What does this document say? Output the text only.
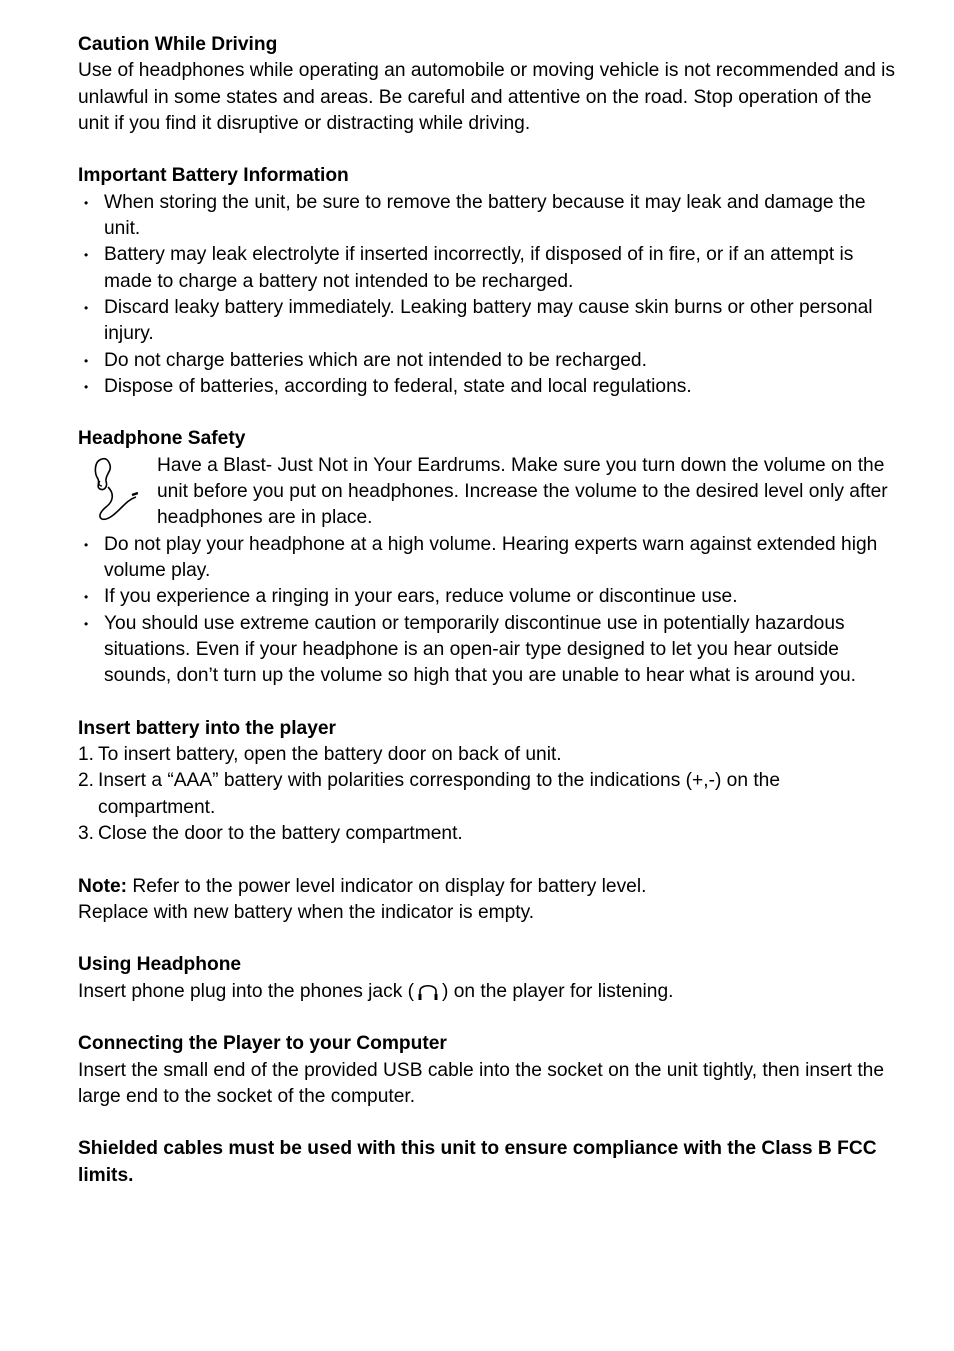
Caution While Driving

Use of headphones while operating an automobile or moving vehicle is not recommended and is unlawful in some states and areas. Be careful and attentive on the road. Stop operation of the unit if you find it disruptive or distracting while driving.

Important Battery Information
• When storing the unit, be sure to remove the battery because it may leak and damage the unit.
• Battery may leak electrolyte if inserted incorrectly, if disposed of in fire, or if an attempt is made to charge a battery not intended to be recharged.
• Discard leaky battery immediately. Leaking battery may cause skin burns or other personal injury.
• Do not charge batteries which are not intended to be recharged.
• Dispose of batteries, according to federal, state and local regulations.
Headphone Safety

Have a Blast- Just Not in Your Eardrums. Make sure you turn down the volume on the unit before you put on headphones. Increase the volume to the desired level only after headphones are in place.

• Do not play your headphone at a high volume. Hearing experts warn against extended high volume play.
• If you experience a ringing in your ears, reduce volume or discontinue use.
• You should use extreme caution or temporarily discontinue use in potentially hazardous situations. Even if your headphone is an open-air type designed to let you hear outside sounds, don’t turn up the volume so high that you are unable to hear what is around you.
Insert battery into the player
1. To insert battery, open the battery door on back of unit.
2. Insert a “AAA” battery with polarities corresponding to the indications (+,-) on the compartment.
3. Close the door to the battery compartment.

Note: Refer to the power level indicator on display for battery level.

Replace with new battery when the indicator is empty.

Using Headphone

Insert phone plug into the phones jack ( ) on the player for listening.

Connecting the Player to your Computer

Insert the small end of the provided USB cable into the socket on the unit tightly, then insert the large end to the socket of the computer.

Shielded cables must be used with this unit to ensure compliance with the Class B FCC limits.
